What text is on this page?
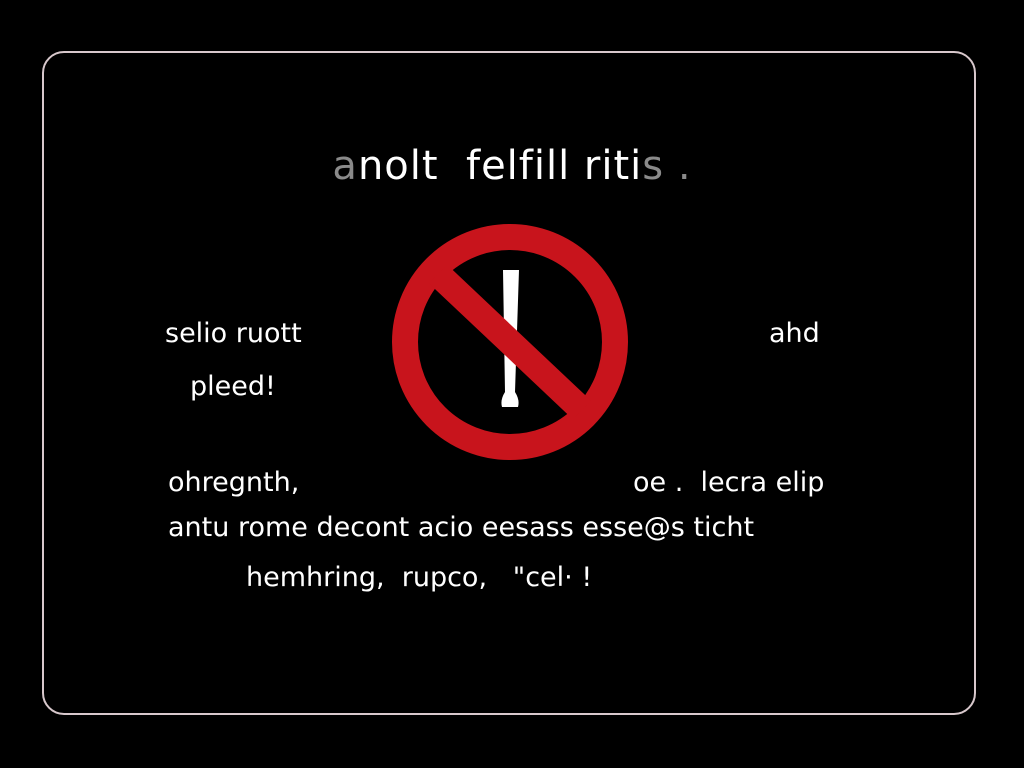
anolt  felfill ritis .
selio ruott
pleed!
ahd
ohregnth,	oe .  lecra elip
antu rome decont acio eesass esse@s ticht
hemhring,  rupco,   "cel· !
